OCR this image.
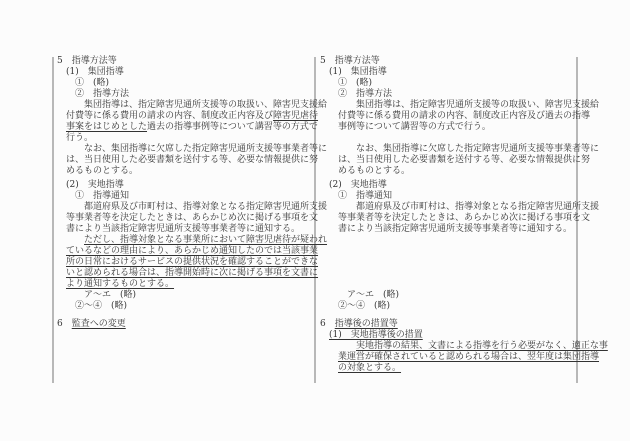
5　指導方法等
(1)　集団指導
①　(略)
②　指導方法
集団指導は、指定障害児通所支援等の取扱い、障害児支援給
付費等に係る費用の請求の内容、制度改正内容及び障害児虐待
事案をはじめとした過去の指導事例等について講習等の方式で
行う。
なお、集団指導に欠席した指定障害児通所支援等事業者等に
は、当日使用した必要書類を送付する等、必要な情報提供に努
めるものとする。
(2)　実地指導
①　指導通知
都道府県及び市町村は、指導対象となる指定障害児通所支援
等事業者等を決定したときは、あらかじめ次に掲げる事項を文
書により当該指定障害児通所支援等事業者等に通知する。
ただし、指導対象となる事業所において障害児虐待が疑われ
ているなどの理由により、あらかじめ通知したのでは当該事業
所の日常におけるサービスの提供状況を確認することができな
いと認められる場合は、指導開始時に次に掲げる事項を文書に
より通知するものとする。
ア〜エ　(略)
②〜④　(略)
6　監査への変更
5　指導方法等
(1)　集団指導
①　(略)
②　指導方法
集団指導は、指定障害児通所支援等の取扱い、障害児支援給
付費等に係る費用の請求の内容、制度改正内容及び過去の指導
事例等について講習等の方式で行う。
なお、集団指導に欠席した指定障害児通所支援等事業者等に
は、当日使用した必要書類を送付する等、必要な情報提供に努
めるものとする。
(2)　実地指導
①　指導通知
都道府県及び市町村は、指導対象となる指定障害児通所支援
等事業者等を決定したときは、あらかじめ次に掲げる事項を文
書により当該指定障害児通所支援等事業者等に通知する。
ア〜エ　(略)
②〜④　(略)
6　指導後の措置等
(1)　実地指導後の措置
実地指導の結果、文書による指導を行う必要がなく、適正な事
業運営が確保されていると認められる場合は、翌年度は集団指導
の対象とする。
